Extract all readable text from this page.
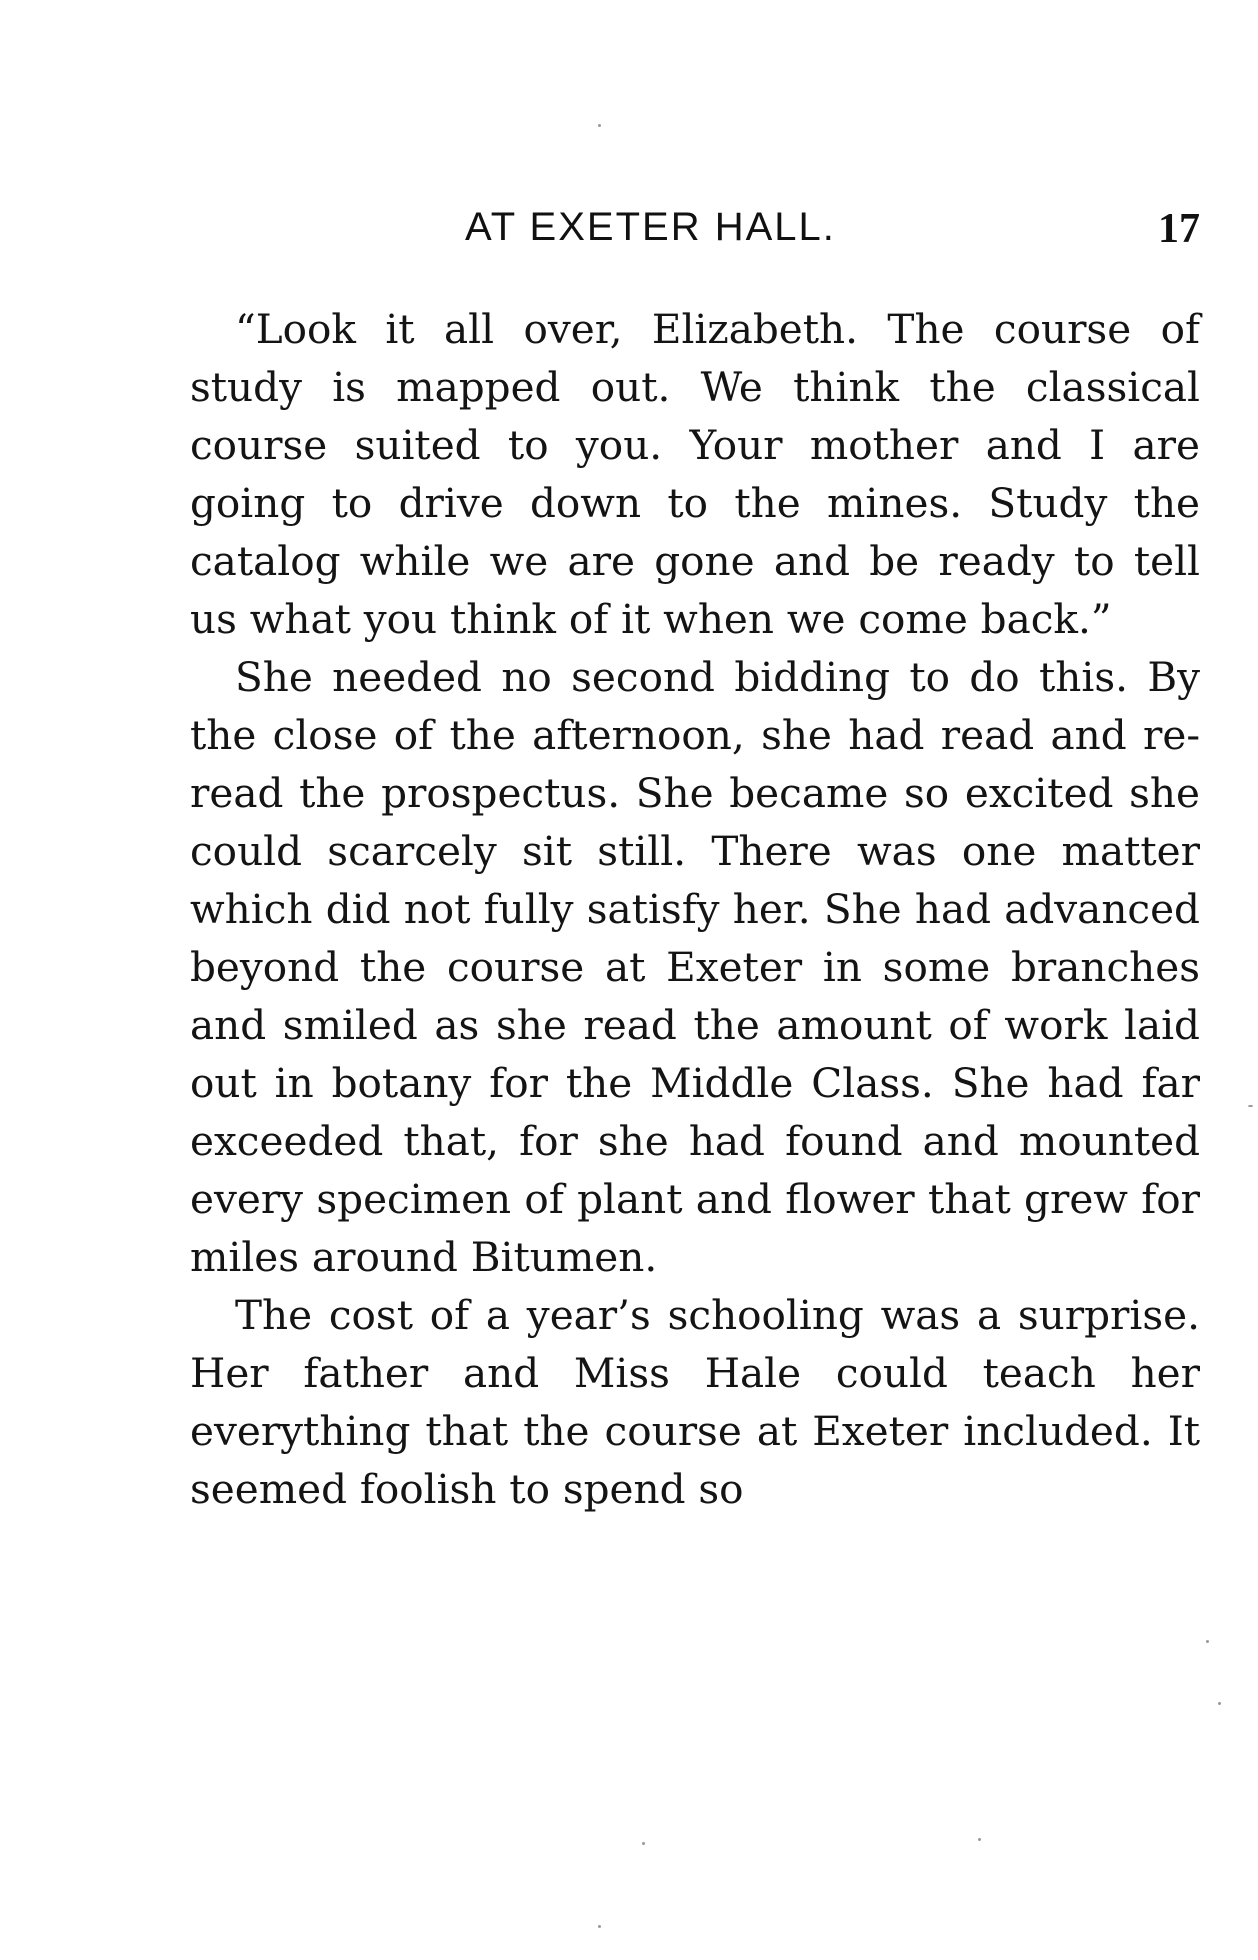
AT EXETER HALL.	17

“Look it all over, Elizabeth. The course of study is mapped out. We think the classical course suited to you. Your mother and I are going to drive down to the mines. Study the catalog while we are gone and be ready to tell us what you think of it when we come back.”

She needed no second bidding to do this. By the close of the afternoon, she had read and re-read the prospectus. She became so excited she could scarcely sit still. There was one matter which did not fully satisfy her. She had advanced beyond the course at Exeter in some branches and smiled as she read the amount of work laid out in botany for the Middle Class. She had far exceeded that, for she had found and mounted every specimen of plant and flower that grew for miles around Bitumen.

The cost of a year’s schooling was a surprise. Her father and Miss Hale could teach her everything that the course at Exeter included. It seemed foolish to spend so
